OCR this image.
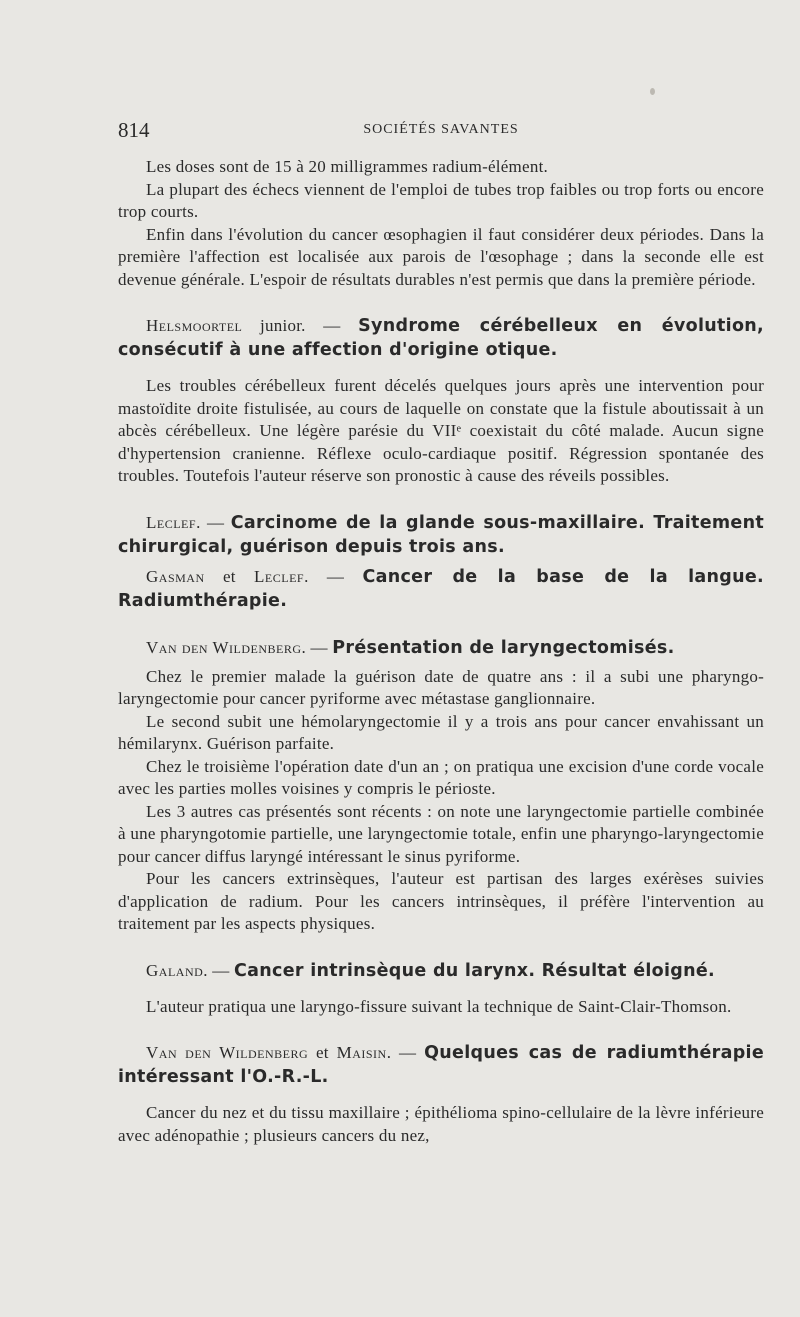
814	SOCIÉTÉS SAVANTES

Les doses sont de 15 à 20 milligrammes radium-élément.

La plupart des échecs viennent de l'emploi de tubes trop faibles ou trop forts ou encore trop courts.

Enfin dans l'évolution du cancer œsophagien il faut considérer deux périodes. Dans la première l'affection est localisée aux parois de l'œsophage ; dans la seconde elle est devenue générale. L'espoir de résultats durables n'est permis que dans la première période.

Helsmoortel junior. — Syndrome cérébelleux en évolution, consécutif à une affection d'origine otique.

Les troubles cérébelleux furent décelés quelques jours après une intervention pour mastoïdite droite fistulisée, au cours de laquelle on constate que la fistule aboutissait à un abcès cérébelleux. Une légère parésie du VIIᵉ coexistait du côté malade. Aucun signe d'hypertension cranienne. Réflexe oculo-cardiaque positif. Régression spontanée des troubles. Toutefois l'auteur réserve son pronostic à cause des réveils possibles.

Leclef. — Carcinome de la glande sous-maxillaire. Traitement chirurgical, guérison depuis trois ans.

Gasman et Leclef. — Cancer de la base de la langue. Radiumthérapie.

Van den Wildenberg. — Présentation de laryngectomisés.

Chez le premier malade la guérison date de quatre ans : il a subi une pharyngo-laryngectomie pour cancer pyriforme avec métastase ganglionnaire.

Le second subit une hémolaryngectomie il y a trois ans pour cancer envahissant un hémilarynx. Guérison parfaite.

Chez le troisième l'opération date d'un an ; on pratiqua une excision d'une corde vocale avec les parties molles voisines y compris le périoste.

Les 3 autres cas présentés sont récents : on note une laryngectomie partielle combinée à une pharyngotomie partielle, une laryngectomie totale, enfin une pharyngo-laryngectomie pour cancer diffus laryngé intéressant le sinus pyriforme.

Pour les cancers extrinsèques, l'auteur est partisan des larges exérèses suivies d'application de radium. Pour les cancers intrinsèques, il préfère l'intervention au traitement par les aspects physiques.

Galand. — Cancer intrinsèque du larynx. Résultat éloigné.

L'auteur pratiqua une laryngo-fissure suivant la technique de Saint-Clair-Thomson.

Van den Wildenberg et Maisin. — Quelques cas de radiumthérapie intéressant l'O.-R.-L.

Cancer du nez et du tissu maxillaire ; épithélioma spino-cellulaire de la lèvre inférieure avec adénopathie ; plusieurs cancers du nez,
